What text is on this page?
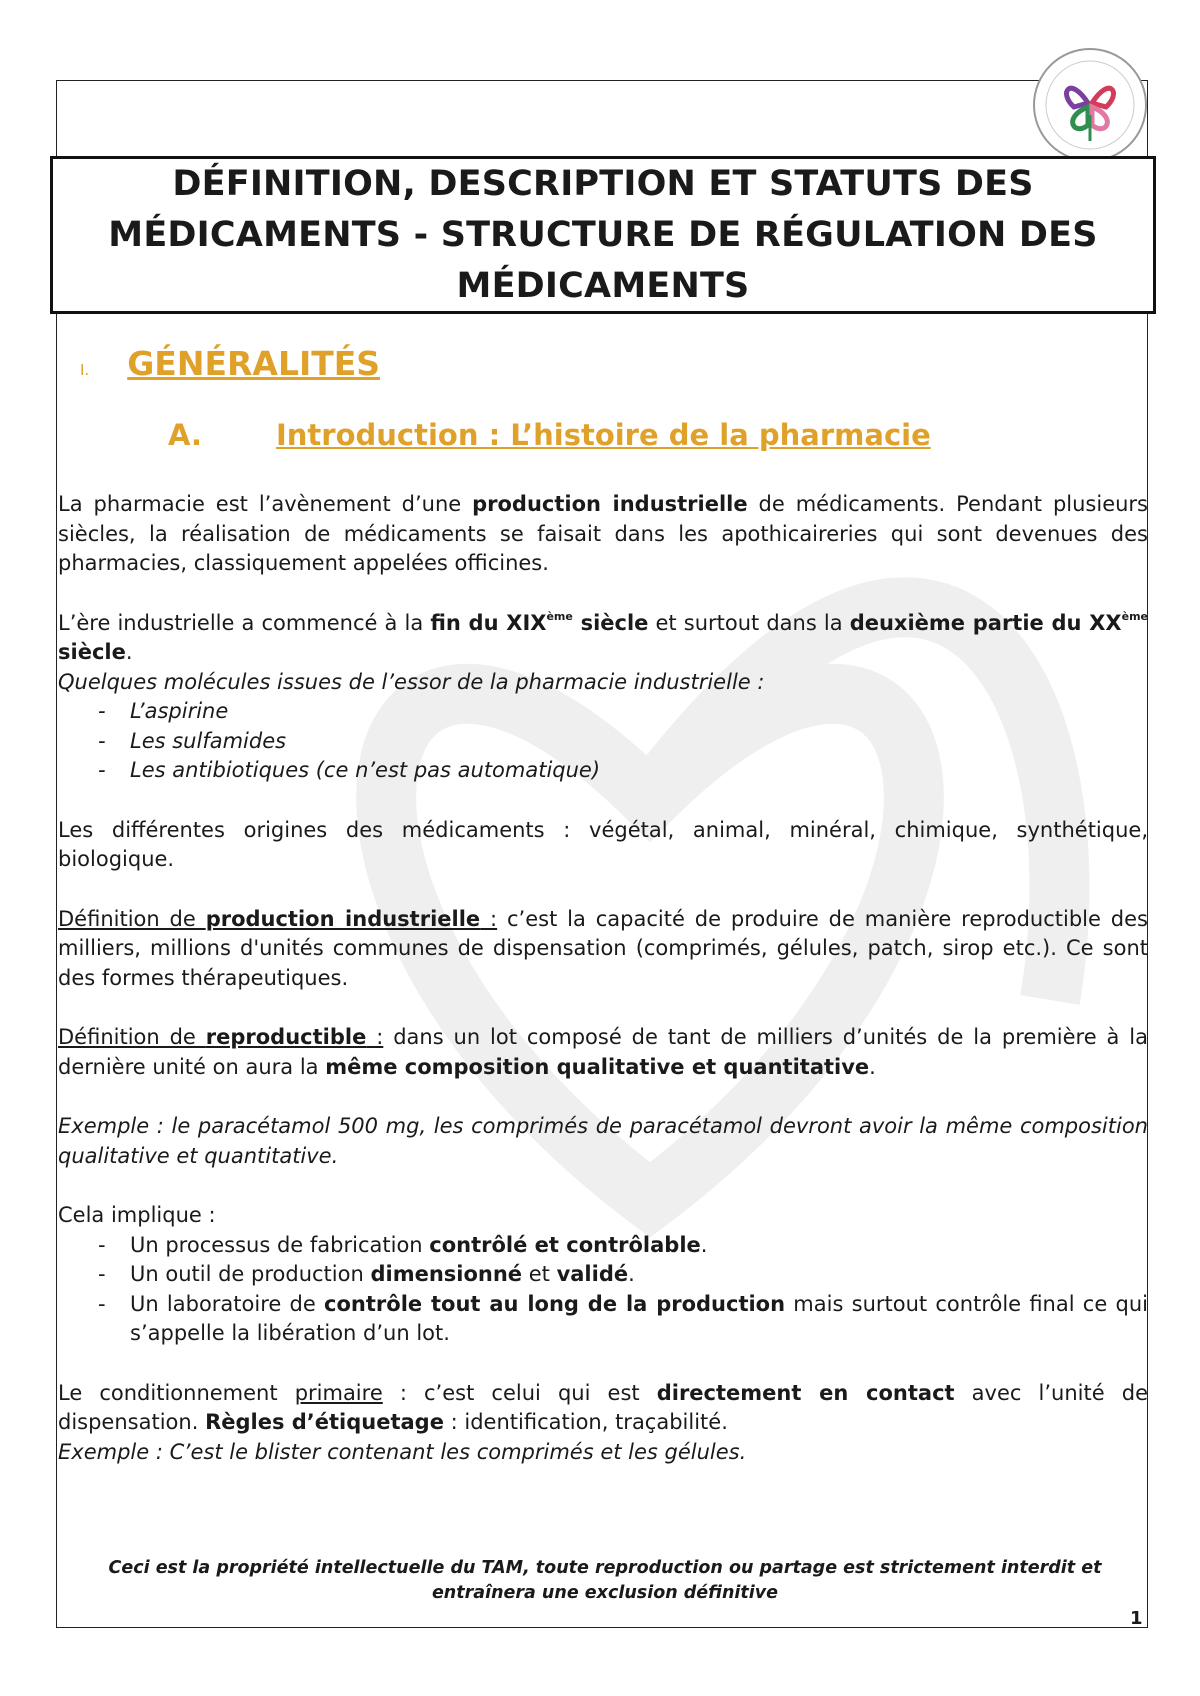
DÉFINITION, DESCRIPTION ET STATUTS DES MÉDICAMENTS - STRUCTURE DE RÉGULATION DES MÉDICAMENTS
I. GÉNÉRALITÉS
A.	Introduction : L’histoire de la pharmacie

La pharmacie est l’avènement d’une production industrielle de médicaments. Pendant plusieurs siècles, la réalisation de médicaments se faisait dans les apothicaireries qui sont devenues des pharmacies, classiquement appelées officines.

L’ère industrielle a commencé à la fin du XIXème siècle et surtout dans la deuxième partie du XXème siècle.

Quelques molécules issues de l’essor de la pharmacie industrielle :

- L’aspirine
- Les sulfamides
- Les antibiotiques (ce n’est pas automatique)

Les différentes origines des médicaments : végétal, animal, minéral, chimique, synthétique, biologique.

Définition de production industrielle : c’est la capacité de produire de manière reproductible des milliers, millions d'unités communes de dispensation (comprimés, gélules, patch, sirop etc.). Ce sont des formes thérapeutiques.

Définition de reproductible : dans un lot composé de tant de milliers d’unités de la première à la dernière unité on aura la même composition qualitative et quantitative.

Exemple : le paracétamol 500 mg, les comprimés de paracétamol devront avoir la même composition qualitative et quantitative.

Cela implique :

- Un processus de fabrication contrôlé et contrôlable.
- Un outil de production dimensionné et validé.
- Un laboratoire de contrôle tout au long de la production mais surtout contrôle final ce qui s’appelle la libération d’un lot.

Le conditionnement primaire : c’est celui qui est directement en contact avec l’unité de dispensation. Règles d’étiquetage : identification, traçabilité.

Exemple : C’est le blister contenant les comprimés et les gélules.

Ceci est la propriété intellectuelle du TAM, toute reproduction ou partage est strictement interdit et entraînera une exclusion définitive
1
